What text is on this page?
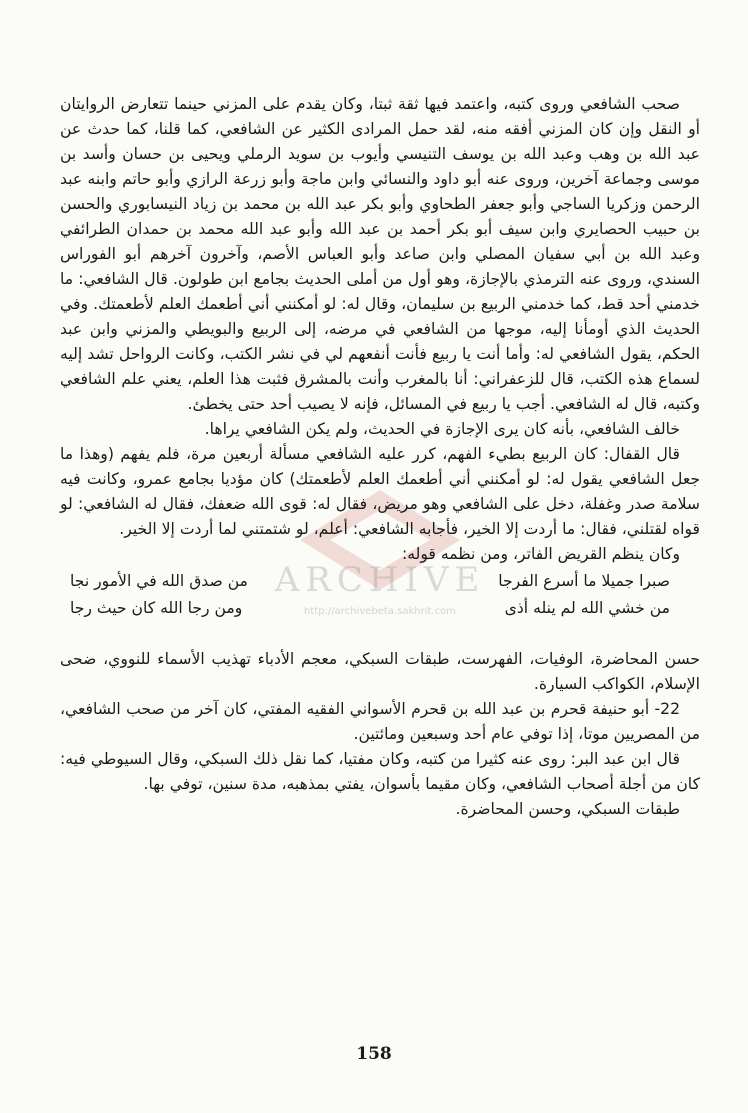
ARCHIVE
http://archivebeta.sakhrit.com

صحب الشافعي وروى كتبه، واعتمد فيها ثقة ثبتا، وكان يقدم على المزني حينما تتعارض الروايتان أو النقل وإن كان المزني أفقه منه، لقد حمل المرادى الكثير عن الشافعي، كما قلنا، كما حدث عن عبد الله بن وهب وعبد الله بن يوسف التنيسي وأيوب بن سويد الرملي ويحيى بن حسان وأسد بن موسى وجماعة آخرين، وروى عنه أبو داود والنسائي وابن ماجة وأبو زرعة الرازي وأبو حاتم وابنه عبد الرحمن وزكريا الساجي وأبو جعفر الطحاوي وأبو بكر عبد الله بن محمد بن زياد النيسابوري والحسن بن حبيب الحصايري وابن سيف أبو بكر أحمد بن عبد الله وأبو عبد الله محمد بن حمدان الطرائفي وعبد الله بن أبي سفيان المصلي وابن صاعد وأبو العباس الأصم، وآخرون آخرهم أبو الفوراس السندي، وروى عنه الترمذي بالإجازة، وهو أول من أملى الحديث بجامع ابن طولون. قال الشافعي: ما خدمني أحد قط، كما خدمني الربيع بن سليمان، وقال له: لو أمكنني أني أطعمك العلم لأطعمتك. وفي الحديث الذي أومأنا إليه، موجها من الشافعي في مرضه، إلى الربيع والبويطي والمزني وابن عبد الحكم، يقول الشافعي له: وأما أنت يا ربيع فأنت أنفعهم لي في نشر الكتب، وكانت الرواحل تشد إليه لسماع هذه الكتب، قال للزعفراني: أنا بالمغرب وأنت بالمشرق فثبت هذا العلم، يعني علم الشافعي وكتبه، قال له الشافعي. أجب يا ربيع في المسائل، فإنه لا يصيب أحد حتى يخطئ.

خالف الشافعي، بأنه كان يرى الإجازة في الحديث، ولم يكن الشافعي يراها.

قال القفال: كان الربيع بطيء الفهم، كرر عليه الشافعي مسألة أربعين مرة، فلم يفهم (وهذا ما جعل الشافعي يقول له: لو أمكنني أني أطعمك العلم لأطعمتك) كان مؤديا بجامع عمرو، وكانت فيه سلامة صدر وغفلة، دخل على الشافعي وهو مريض، فقال له: قوى الله ضعفك، فقال له الشافعي: لو قواه لقتلني، فقال: ما أردت إلا الخير، فأجابه الشافعي: أعلم، لو شتمتني لما أردت إلا الخير.

وكان ينظم القريض الفاتر، ومن نظمه قوله:

صبرا جميلا ما أسرع الفرجا
من صدق الله في الأمور نجا
من خشي الله لم ينله أذى
ومن رجا الله كان حيث رجا

حسن المحاضرة، الوفيات، الفهرست، طبقات السبكي، معجم الأدباء تهذيب الأسماء للنووي، ضحى الإسلام، الكواكب السيارة.

22- أبو حنيفة قحرم بن عبد الله بن قحرم الأسواني الفقيه المفتي، كان آخر من صحب الشافعي، من المصريين موتا، إذا توفي عام أحد وسبعين ومائتين.

قال ابن عبد البر: روى عنه كثيرا من كتبه، وكان مفتيا، كما نقل ذلك السبكي، وقال السيوطي فيه: كان من أجلة أصحاب الشافعي، وكان مقيما بأسوان، يفتي بمذهبه، مدة سنين، توفي بها.

طبقات السبكي، وحسن المحاضرة.

158
